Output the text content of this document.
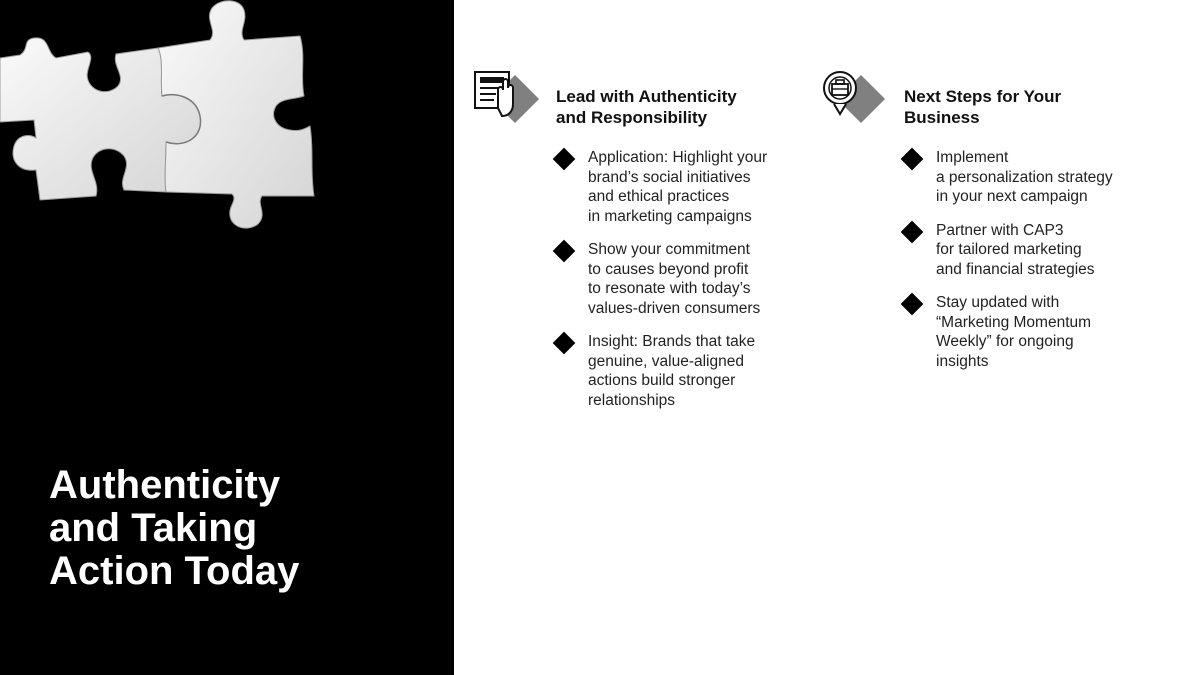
Authenticity
and Taking
Action Today
Lead with Authenticity
and Responsibility
Application: Highlight your
brand’s social initiatives
and ethical practices
in marketing campaigns
Show your commitment
to causes beyond profit
to resonate with today’s
values-driven consumers
Insight: Brands that take
genuine, value-aligned
actions build stronger
relationships
Next Steps for Your
Business
Implement
a personalization strategy
in your next campaign
Partner with CAP3
for tailored marketing
and financial strategies
Stay updated with
“Marketing Momentum
Weekly” for ongoing
insights
